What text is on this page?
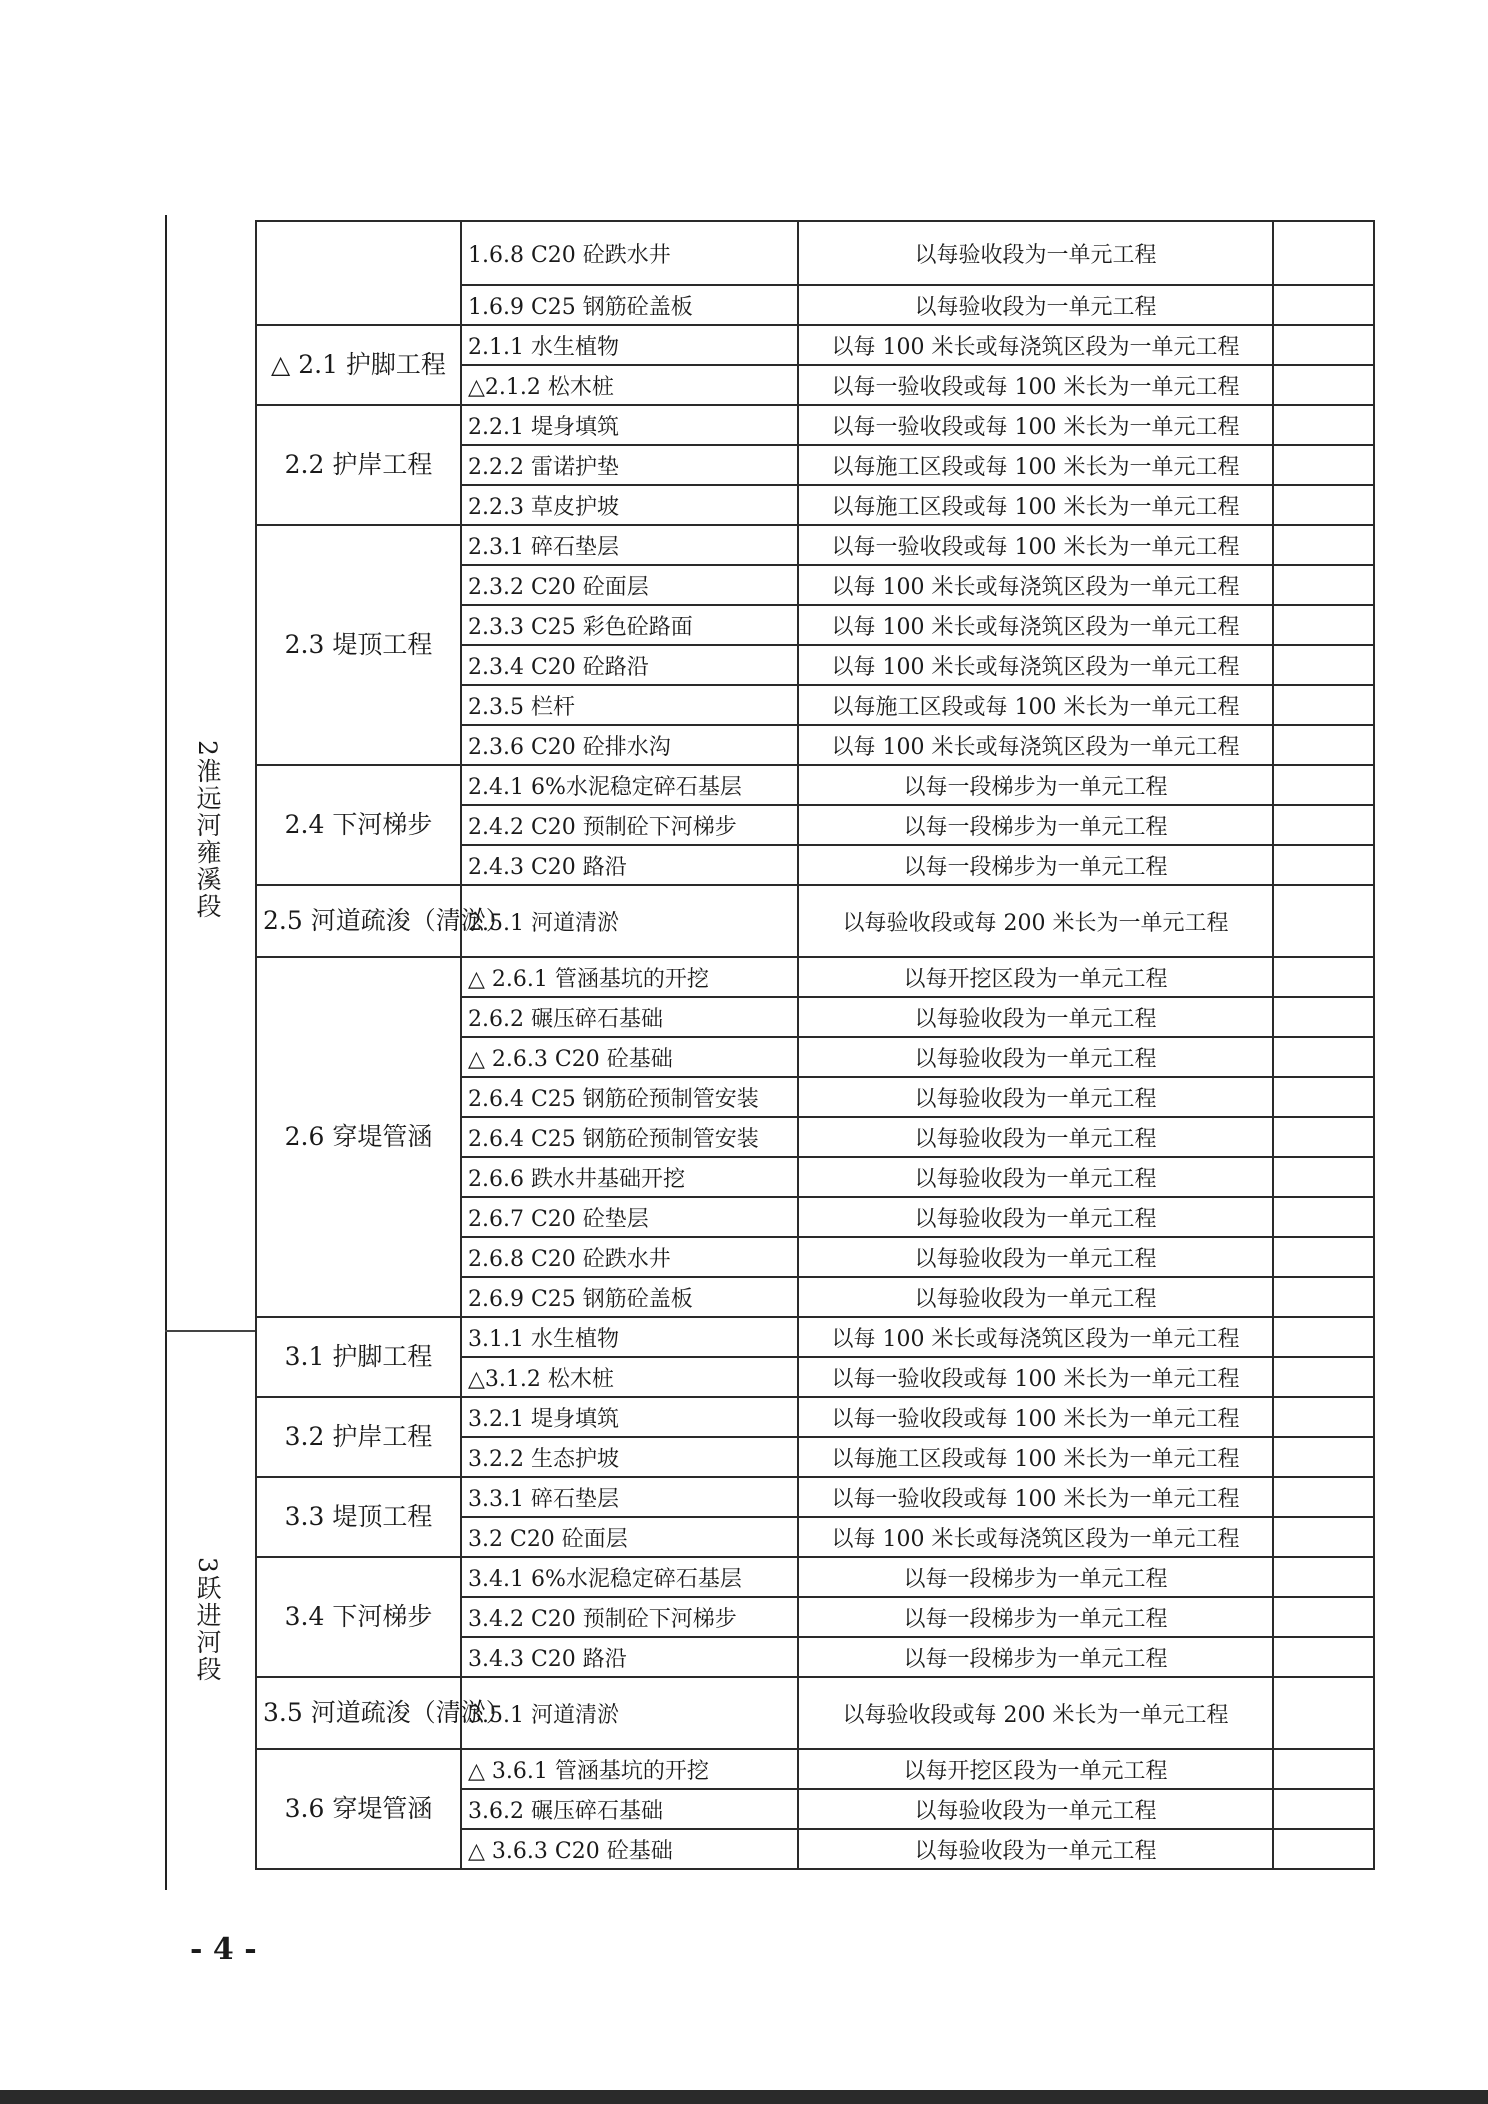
2淮远河雍溪段
3跃进河段
	1.6.8 C20 砼跌水井	以每验收段为一单元工程	
	1.6.9 C25 钢筋砼盖板	以每验收段为一单元工程	
△ 2.1 护脚工程	2.1.1 水生植物	以每 100 米长或每浇筑区段为一单元工程	
	△2.1.2 松木桩	以每一验收段或每 100 米长为一单元工程	
2.2 护岸工程	2.2.1 堤身填筑	以每一验收段或每 100 米长为一单元工程	
	2.2.2 雷诺护垫	以每施工区段或每 100 米长为一单元工程	
	2.2.3 草皮护坡	以每施工区段或每 100 米长为一单元工程	
2.3 堤顶工程	2.3.1 碎石垫层	以每一验收段或每 100 米长为一单元工程	
	2.3.2 C20 砼面层	以每 100 米长或每浇筑区段为一单元工程	
	2.3.3 C25 彩色砼路面	以每 100 米长或每浇筑区段为一单元工程	
	2.3.4 C20 砼路沿	以每 100 米长或每浇筑区段为一单元工程	
	2.3.5 栏杆	以每施工区段或每 100 米长为一单元工程	
	2.3.6 C20 砼排水沟	以每 100 米长或每浇筑区段为一单元工程	
2.4 下河梯步	2.4.1 6%水泥稳定碎石基层	以每一段梯步为一单元工程	
	2.4.2 C20 预制砼下河梯步	以每一段梯步为一单元工程	
	2.4.3 C20 路沿	以每一段梯步为一单元工程	
2.5 河道疏浚（清淤）	2.5.1 河道清淤	以每验收段或每 200 米长为一单元工程	
2.6 穿堤管涵	△ 2.6.1 管涵基坑的开挖	以每开挖区段为一单元工程	
	2.6.2 碾压碎石基础	以每验收段为一单元工程	
	△ 2.6.3 C20 砼基础	以每验收段为一单元工程	
	2.6.4 C25 钢筋砼预制管安装	以每验收段为一单元工程	
	2.6.4 C25 钢筋砼预制管安装	以每验收段为一单元工程	
	2.6.6 跌水井基础开挖	以每验收段为一单元工程	
	2.6.7 C20 砼垫层	以每验收段为一单元工程	
	2.6.8 C20 砼跌水井	以每验收段为一单元工程	
	2.6.9 C25 钢筋砼盖板	以每验收段为一单元工程	
3.1 护脚工程	3.1.1 水生植物	以每 100 米长或每浇筑区段为一单元工程	
	△3.1.2 松木桩	以每一验收段或每 100 米长为一单元工程	
3.2 护岸工程	3.2.1 堤身填筑	以每一验收段或每 100 米长为一单元工程	
	3.2.2 生态护坡	以每施工区段或每 100 米长为一单元工程	
3.3 堤顶工程	3.3.1 碎石垫层	以每一验收段或每 100 米长为一单元工程	
	3.2 C20 砼面层	以每 100 米长或每浇筑区段为一单元工程	
3.4 下河梯步	3.4.1 6%水泥稳定碎石基层	以每一段梯步为一单元工程	
	3.4.2 C20 预制砼下河梯步	以每一段梯步为一单元工程	
	3.4.3 C20 路沿	以每一段梯步为一单元工程	
3.5 河道疏浚（清淤）	3.5.1 河道清淤	以每验收段或每 200 米长为一单元工程	
3.6 穿堤管涵	△ 3.6.1 管涵基坑的开挖	以每开挖区段为一单元工程	
	3.6.2 碾压碎石基础	以每验收段为一单元工程	
	△ 3.6.3 C20 砼基础	以每验收段为一单元工程	
- 4 -
